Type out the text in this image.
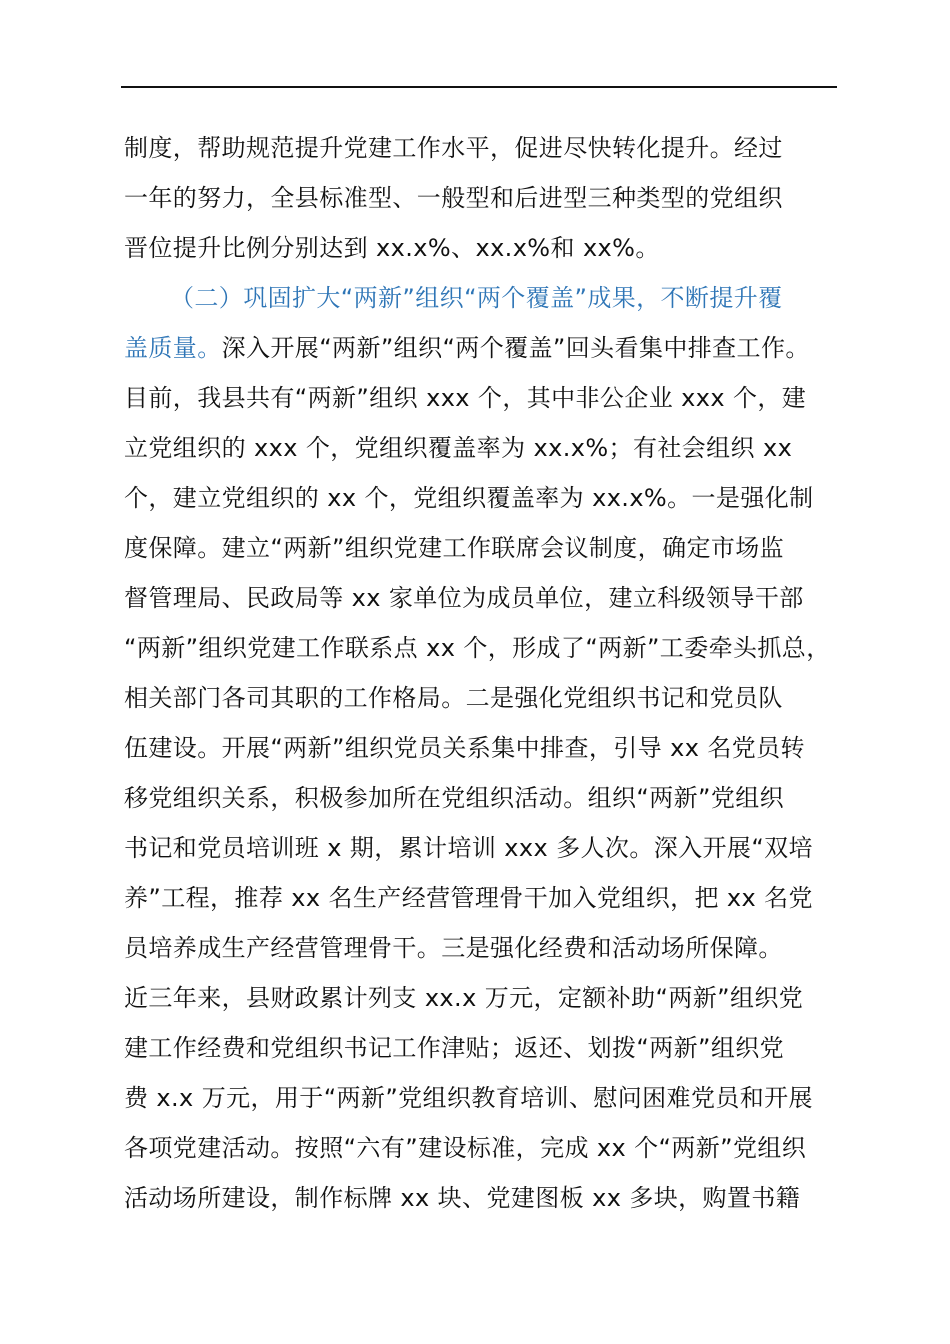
制度，帮助规范提升党建工作水平，促进尽快转化提升。经过
一年的努力，全县标准型、一般型和后进型三种类型的党组织
晋位提升比例分别达到 xx.x%、xx.x%和 xx%。
（二）巩固扩大“两新”组织“两个覆盖”成果，不断提升覆
盖质量。深入开展“两新”组织“两个覆盖”回头看集中排查工作。
目前，我县共有“两新”组织 xxx 个，其中非公企业 xxx 个，建
立党组织的 xxx 个，党组织覆盖率为 xx.x%；有社会组织 xx
个，建立党组织的 xx 个，党组织覆盖率为 xx.x%。一是强化制
度保障。建立“两新”组织党建工作联席会议制度，确定市场监
督管理局、民政局等 xx 家单位为成员单位，建立科级领导干部
“两新”组织党建工作联系点 xx 个，形成了“两新”工委牵头抓总，
相关部门各司其职的工作格局。二是强化党组织书记和党员队
伍建设。开展“两新”组织党员关系集中排查，引导 xx 名党员转
移党组织关系，积极参加所在党组织活动。组织“两新”党组织
书记和党员培训班 x 期，累计培训 xxx 多人次。深入开展“双培
养”工程，推荐 xx 名生产经营管理骨干加入党组织，把 xx 名党
员培养成生产经营管理骨干。三是强化经费和活动场所保障。
近三年来，县财政累计列支 xx.x 万元，定额补助“两新”组织党
建工作经费和党组织书记工作津贴；返还、划拨“两新”组织党
费 x.x 万元，用于“两新”党组织教育培训、慰问困难党员和开展
各项党建活动。按照“六有”建设标准，完成 xx 个“两新”党组织
活动场所建设，制作标牌 xx 块、党建图板 xx 多块，购置书籍
